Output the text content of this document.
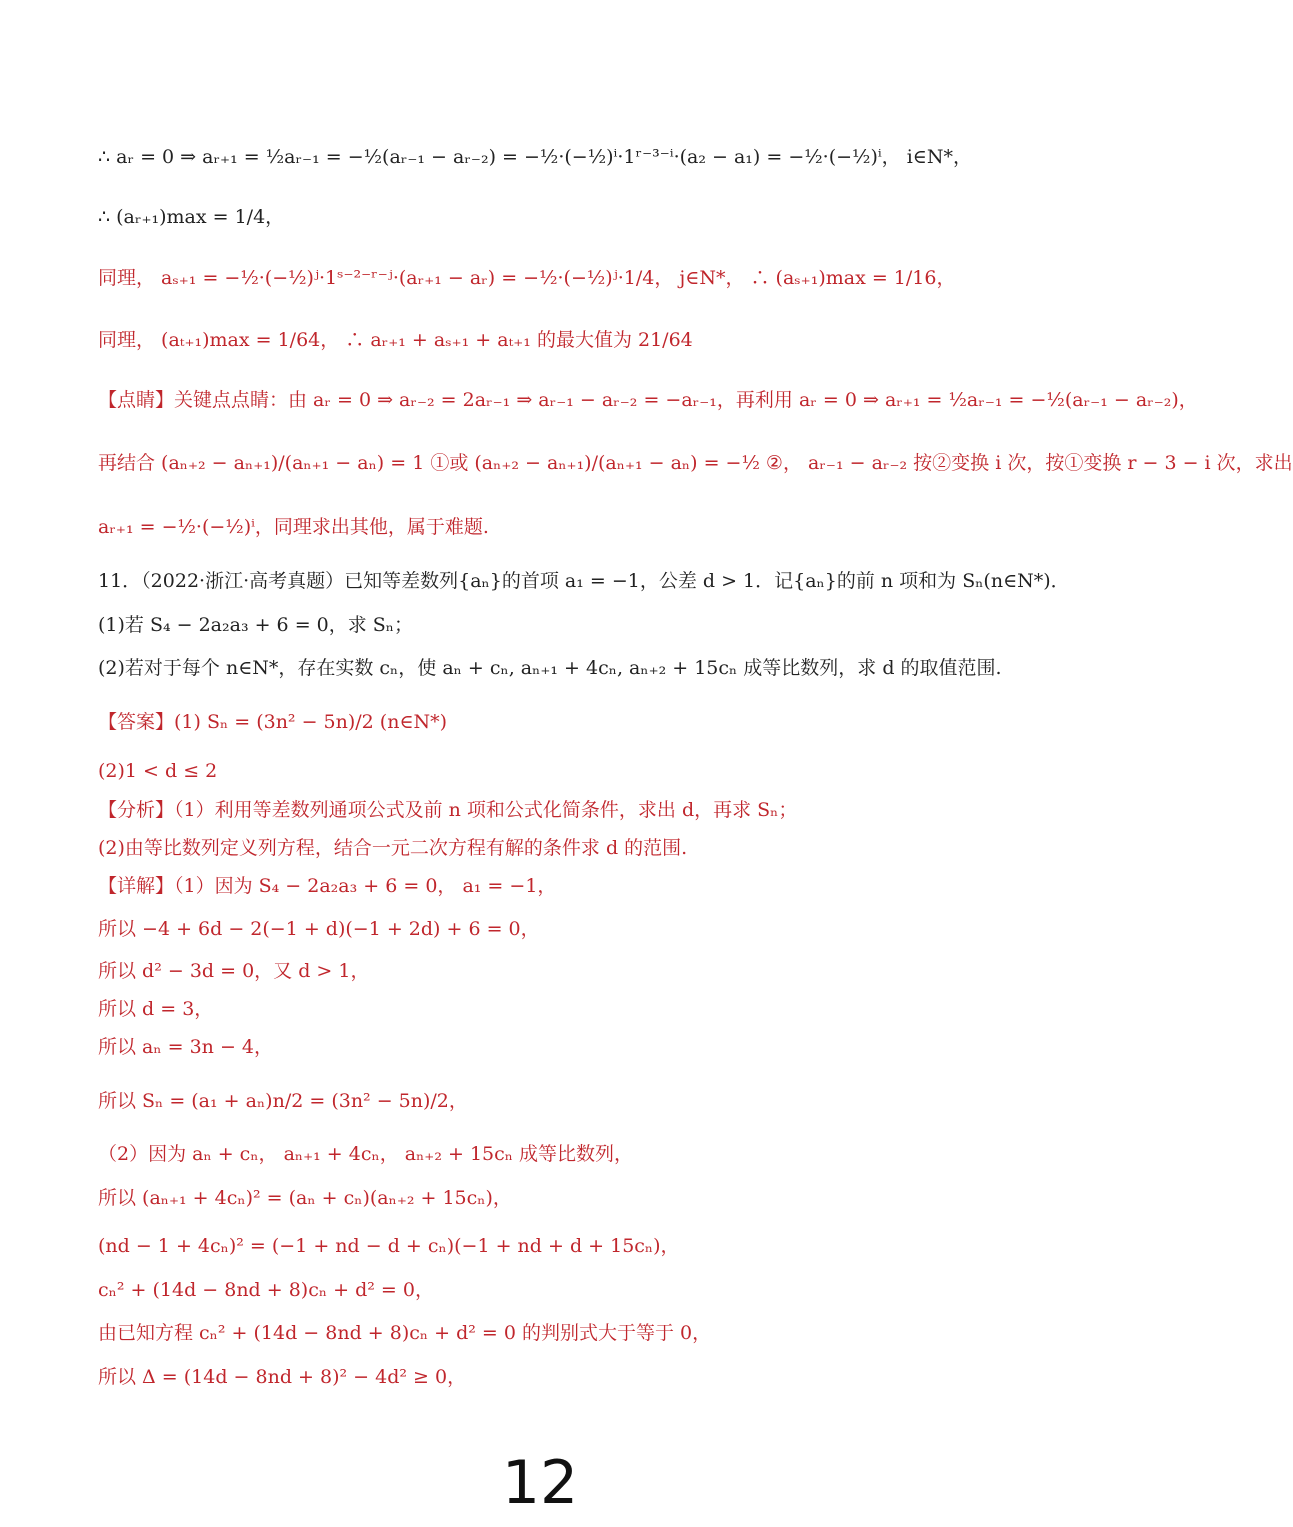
∴ aᵣ = 0 ⇒ aᵣ₊₁ = ½aᵣ₋₁ = −½(aᵣ₋₁ − aᵣ₋₂) = −½·(−½)ⁱ·1ʳ⁻³⁻ⁱ·(a₂ − a₁) = −½·(−½)ⁱ， i∈N*，
∴ (aᵣ₊₁)max = 1/4，
同理， aₛ₊₁ = −½·(−½)ʲ·1ˢ⁻²⁻ʳ⁻ʲ·(aᵣ₊₁ − aᵣ) = −½·(−½)ʲ·1/4， j∈N*， ∴ (aₛ₊₁)max = 1/16，
同理， (aₜ₊₁)max = 1/64， ∴ aᵣ₊₁ + aₛ₊₁ + aₜ₊₁ 的最大值为 21/64
【点睛】关键点点睛：由 aᵣ = 0 ⇒ aᵣ₋₂ = 2aᵣ₋₁ ⇒ aᵣ₋₁ − aᵣ₋₂ = −aᵣ₋₁，再利用 aᵣ = 0 ⇒ aᵣ₊₁ = ½aᵣ₋₁ = −½(aᵣ₋₁ − aᵣ₋₂)，
再结合 (aₙ₊₂ − aₙ₊₁)/(aₙ₊₁ − aₙ) = 1 ①或 (aₙ₊₂ − aₙ₊₁)/(aₙ₊₁ − aₙ) = −½ ②， aᵣ₋₁ − aᵣ₋₂ 按②变换 i 次，按①变换 r − 3 − i 次，求出
aᵣ₊₁ = −½·(−½)ⁱ，同理求出其他，属于难题.
11．（2022·浙江·高考真题）已知等差数列{aₙ}的首项 a₁ = −1，公差 d > 1．记{aₙ}的前 n 项和为 Sₙ(n∈N*)．
(1)若 S₄ − 2a₂a₃ + 6 = 0，求 Sₙ；
(2)若对于每个 n∈N*，存在实数 cₙ，使 aₙ + cₙ, aₙ₊₁ + 4cₙ, aₙ₊₂ + 15cₙ 成等比数列，求 d 的取值范围.
【答案】(1) Sₙ = (3n² − 5n)/2 (n∈N*)
(2)1 < d ≤ 2
【分析】（1）利用等差数列通项公式及前 n 项和公式化简条件，求出 d，再求 Sₙ；
(2)由等比数列定义列方程，结合一元二次方程有解的条件求 d 的范围.
【详解】（1）因为 S₄ − 2a₂a₃ + 6 = 0， a₁ = −1，
所以 −4 + 6d − 2(−1 + d)(−1 + 2d) + 6 = 0，
所以 d² − 3d = 0，又 d > 1，
所以 d = 3，
所以 aₙ = 3n − 4，
所以 Sₙ = (a₁ + aₙ)n/2 = (3n² − 5n)/2，
（2）因为 aₙ + cₙ， aₙ₊₁ + 4cₙ， aₙ₊₂ + 15cₙ 成等比数列，
所以 (aₙ₊₁ + 4cₙ)² = (aₙ + cₙ)(aₙ₊₂ + 15cₙ)，
(nd − 1 + 4cₙ)² = (−1 + nd − d + cₙ)(−1 + nd + d + 15cₙ)，
cₙ² + (14d − 8nd + 8)cₙ + d² = 0，
由已知方程 cₙ² + (14d − 8nd + 8)cₙ + d² = 0 的判别式大于等于 0，
所以 Δ = (14d − 8nd + 8)² − 4d² ≥ 0，
12
